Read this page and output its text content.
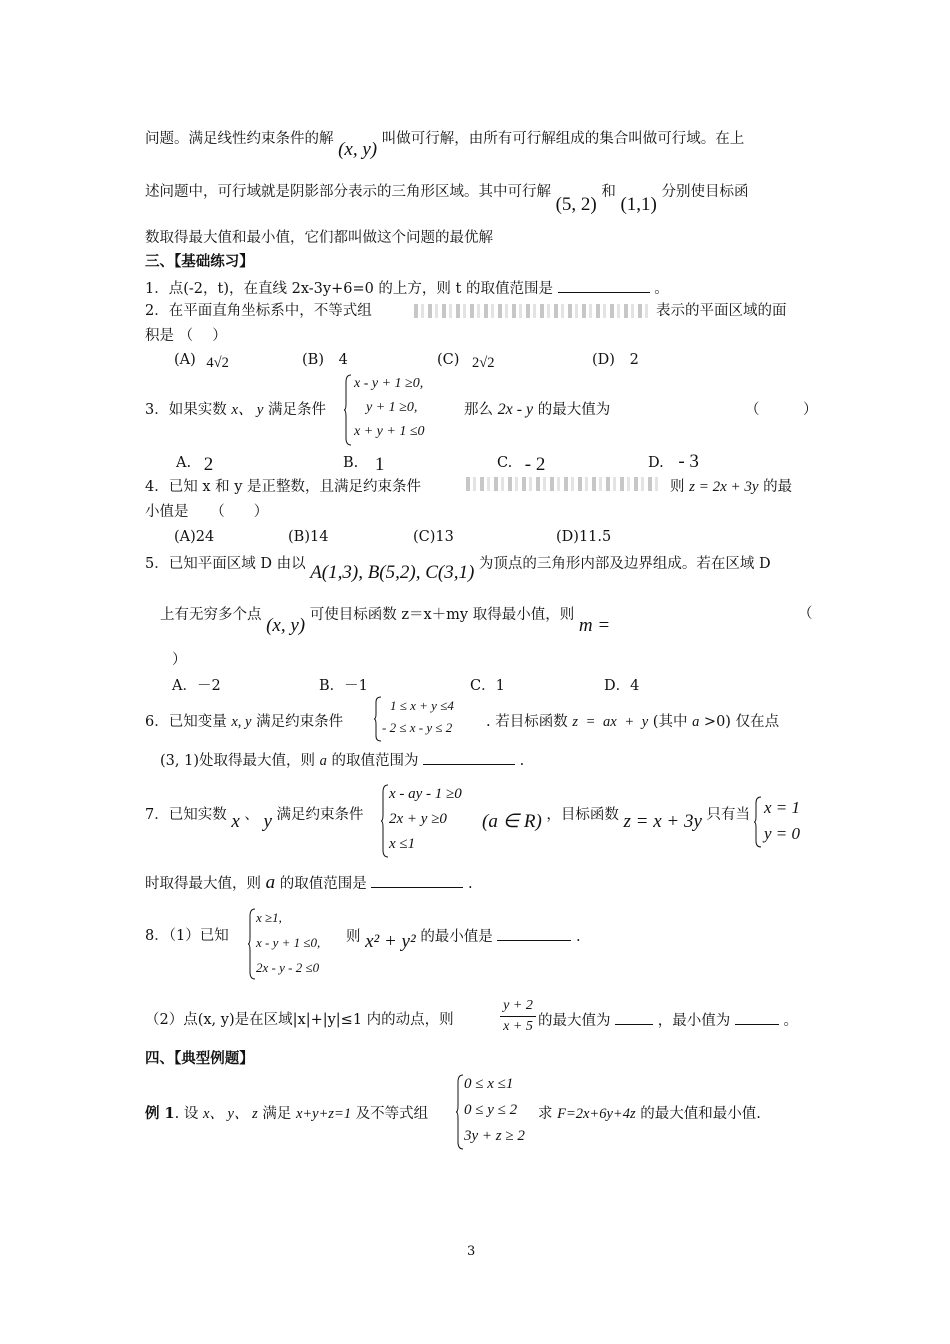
问题。满足线性约束条件的解 (x, y) 叫做可行解，由所有可行解组成的集合叫做可行域。在上
述问题中，可行域就是阴影部分表示的三角形区域。其中可行解 (5, 2) 和 (1,1) 分别使目标函
数取得最大值和最小值，它们都叫做这个问题的最优解
三、【基础练习】
1．点(-2，t)，在直线 2x-3y+6=0 的上方，则 t 的取值范围是	。
2．在平面直角坐标系中，不等式组	表示的平面区域的面
积是 （　 ）
(A) 4√2	(B) 4	(C) 2√2	(D) 2
3．如果实数 x、 y 满足条件
x - y + 1 ≥0,
y + 1 ≥0,
x + y + 1 ≤0
那么 2x - y 的最大值为	（　　　）
A. 2	B. 1	C. - 2	D. - 3
4．已知 x 和 y 是正整数，且满足约束条件	则 z = 2x + 3y 的最
小值是　　（　　）
(A)24	(B)14	(C)13	(D)11.5
5．已知平面区域 D 由以 A(1,3), B(5,2), C(3,1) 为顶点的三角形内部及边界组成。若在区域 D
上有无穷多个点 (x, y) 可使目标函数 z＝x＋my 取得最小值，则 m =
（
）
A．－2	B．－1	C．1	D．4
6．已知变量 x, y 满足约束条件
1 ≤ x + y ≤4
- 2 ≤ x - y ≤ 2 . 若目标函数 z = ax + y (其中 a >0) 仅在点
(3, 1)处取得最大值，则 a 的取值范围为	.
7．已知实数 x 、 y 满足约束条件
x - ay - 1 ≥0
2x + y ≥0
x ≤1
(a ∈ R) ，目标函数 z = x + 3y 只有当 x = 1
y = 0
时取得最大值，则 a 的取值范围是	.
8．（1）已知
x ≥1,
x - y + 1 ≤0,
2x - y - 2 ≤0
则 x² + y² 的最小值是	.
（2）点(x, y)是在区域|x|+|y|≤1 内的动点，则
y + 2
x + 5 的最大值为	，最小值为	。
四、【典型例题】
例 1. 设 x、 y、 z 满足 x+y+z=1 及不等式组
0 ≤ x ≤1
0 ≤ y ≤ 2
3y + z ≥ 2
求 F=2x+6y+4z 的最大值和最小值.
3
